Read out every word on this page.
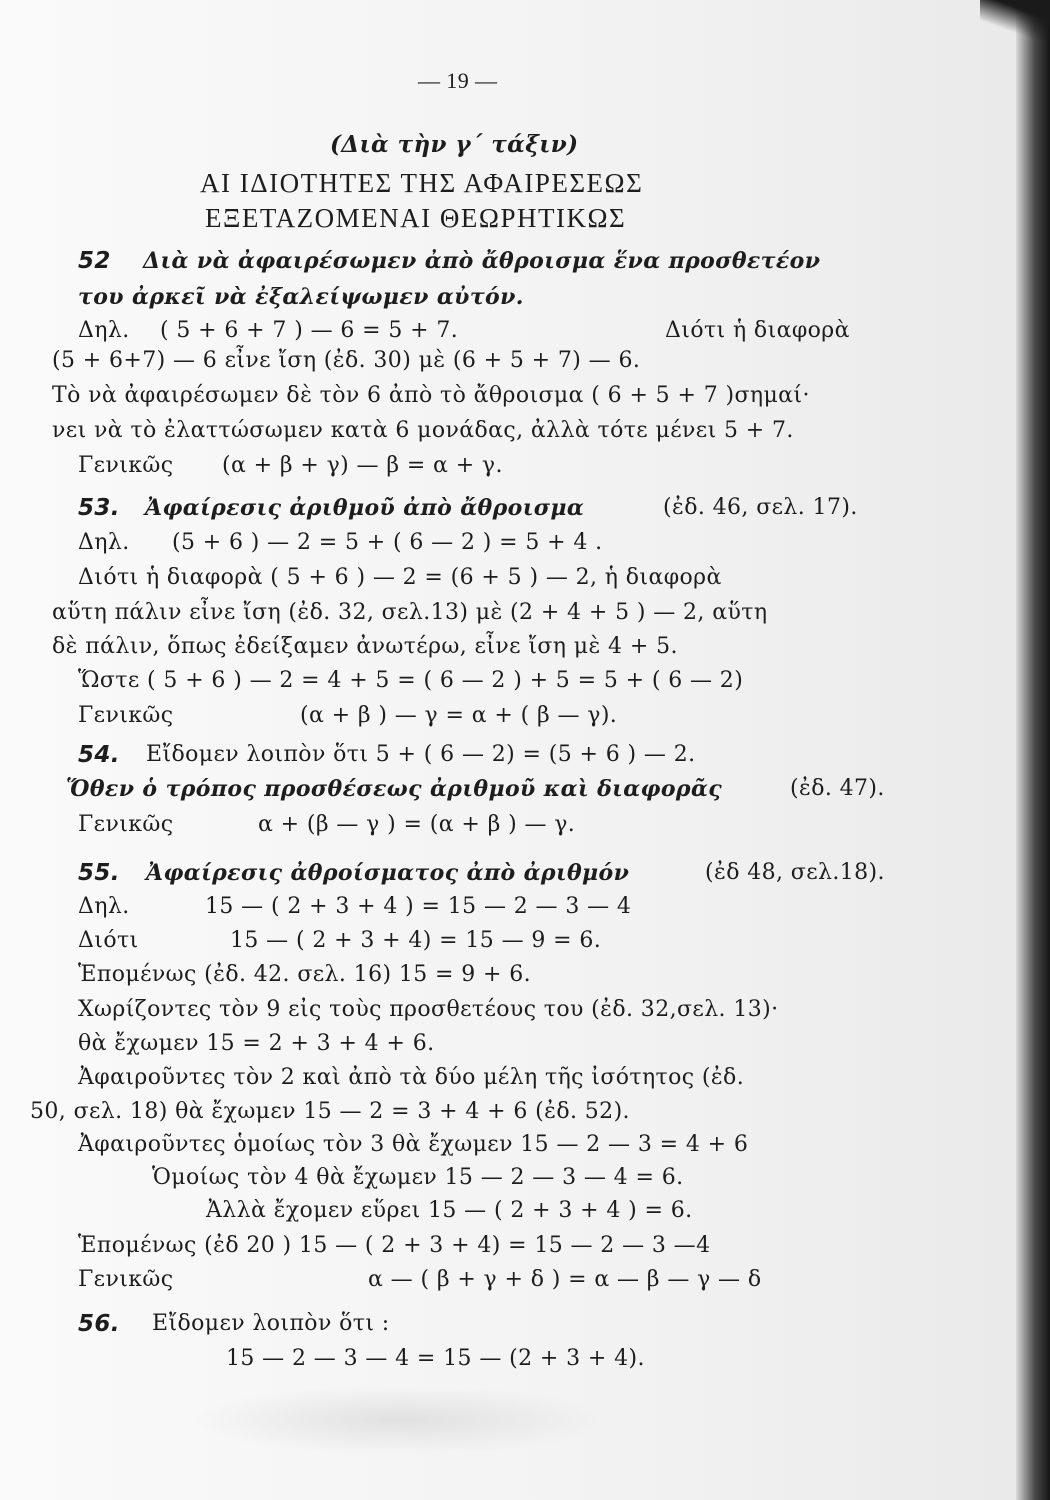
— 19 —
(Διὰ τὴν γ΄ τάξιν)
ΑΙ ΙΔΙΟΤΗΤΕΣ ΤΗΣ ΑΦΑΙΡΕΣΕΩΣ
ΕΞΕΤΑΖΟΜΕΝΑΙ ΘΕΩΡΗΤΙΚΩΣ
52 Διὰ νὰ ἀφαιρέσωμεν ἀπὸ ἄθροισμα ἕνα προσθετέον
του ἀρκεῖ νὰ ἐξαλείψωμεν αὐτόν.
Δηλ. ( 5 + 6 + 7 ) — 6 = 5 + 7.	Διότι ἡ διαφορὰ
(5 + 6+7) — 6 εἶνε ἴση (ἐδ. 30) μὲ (6 + 5 + 7) — 6.
Τὸ νὰ ἀφαιρέσωμεν δὲ τὸν 6 ἀπὸ τὸ ἄθροισμα ( 6 + 5 + 7 )σημαί·
νει νὰ τὸ ἐλαττώσωμεν κατὰ 6 μονάδας, ἀλλὰ τότε μένει 5 + 7.
Γενικῶς (α + β + γ) — β = α + γ.
53. Ἀφαίρεσις ἀριθμοῦ ἀπὸ ἄθροισμα	(ἐδ. 46, σελ. 17).
Δηλ. (5 + 6 ) — 2 = 5 + ( 6 — 2 ) = 5 + 4 .
Διότι ἡ διαφορὰ ( 5 + 6 ) — 2 = (6 + 5 ) — 2, ἡ διαφορὰ
αὕτη πάλιν εἶνε ἴση (ἐδ. 32, σελ.13) μὲ (2 + 4 + 5 ) — 2, αὕτη
δὲ πάλιν, ὅπως ἐδείξαμεν ἀνωτέρω, εἶνε ἴση μὲ 4 + 5.
Ὥστε ( 5 + 6 ) — 2 = 4 + 5 = ( 6 — 2 ) + 5 = 5 + ( 6 — 2)
Γενικῶς	(α + β ) — γ = α + ( β — γ).
54. Εἴδομεν λοιπὸν ὅτι 5 + ( 6 — 2) = (5 + 6 ) — 2.
Ὅθεν ὁ τρόπος προσθέσεως ἀριθμοῦ καὶ διαφορᾶς	(ἐδ. 47).
Γενικῶς	α + (β — γ ) = (α + β ) — γ.
55. Ἀφαίρεσις ἀθροίσματος ἀπὸ ἀριθμόν	(ἐδ 48, σελ.18).
Δηλ.	15 — ( 2 + 3 + 4 ) = 15 — 2 — 3 — 4
Διότι	15 — ( 2 + 3 + 4) = 15 — 9 = 6.
Ἑπομένως (ἐδ. 42. σελ. 16) 15 = 9 + 6.
Χωρίζοντες τὸν 9 εἰς τοὺς προσθετέους του (ἐδ. 32,σελ. 13)·
θὰ ἔχωμεν 15 = 2 + 3 + 4 + 6.
Ἀφαιροῦντες τὸν 2 καὶ ἀπὸ τὰ δύο μέλη τῆς ἰσότητος (ἐδ.
50, σελ. 18) θὰ ἔχωμεν 15 — 2 = 3 + 4 + 6 (ἐδ. 52).
Ἀφαιροῦντες ὁμοίως τὸν 3 θὰ ἔχωμεν 15 — 2 — 3 = 4 + 6
Ὁμοίως τὸν 4 θὰ ἔχωμεν 15 — 2 — 3 — 4 = 6.
Ἀλλὰ ἔχομεν εὕρει 15 — ( 2 + 3 + 4 ) = 6.
Ἑπομένως (ἐδ 20 ) 15 — ( 2 + 3 + 4) = 15 — 2 — 3 —4
Γενικῶς	α — ( β + γ + δ ) = α — β — γ — δ
56. Εἴδομεν λοιπὸν ὅτι :
15 — 2 — 3 — 4 = 15 — (2 + 3 + 4).
